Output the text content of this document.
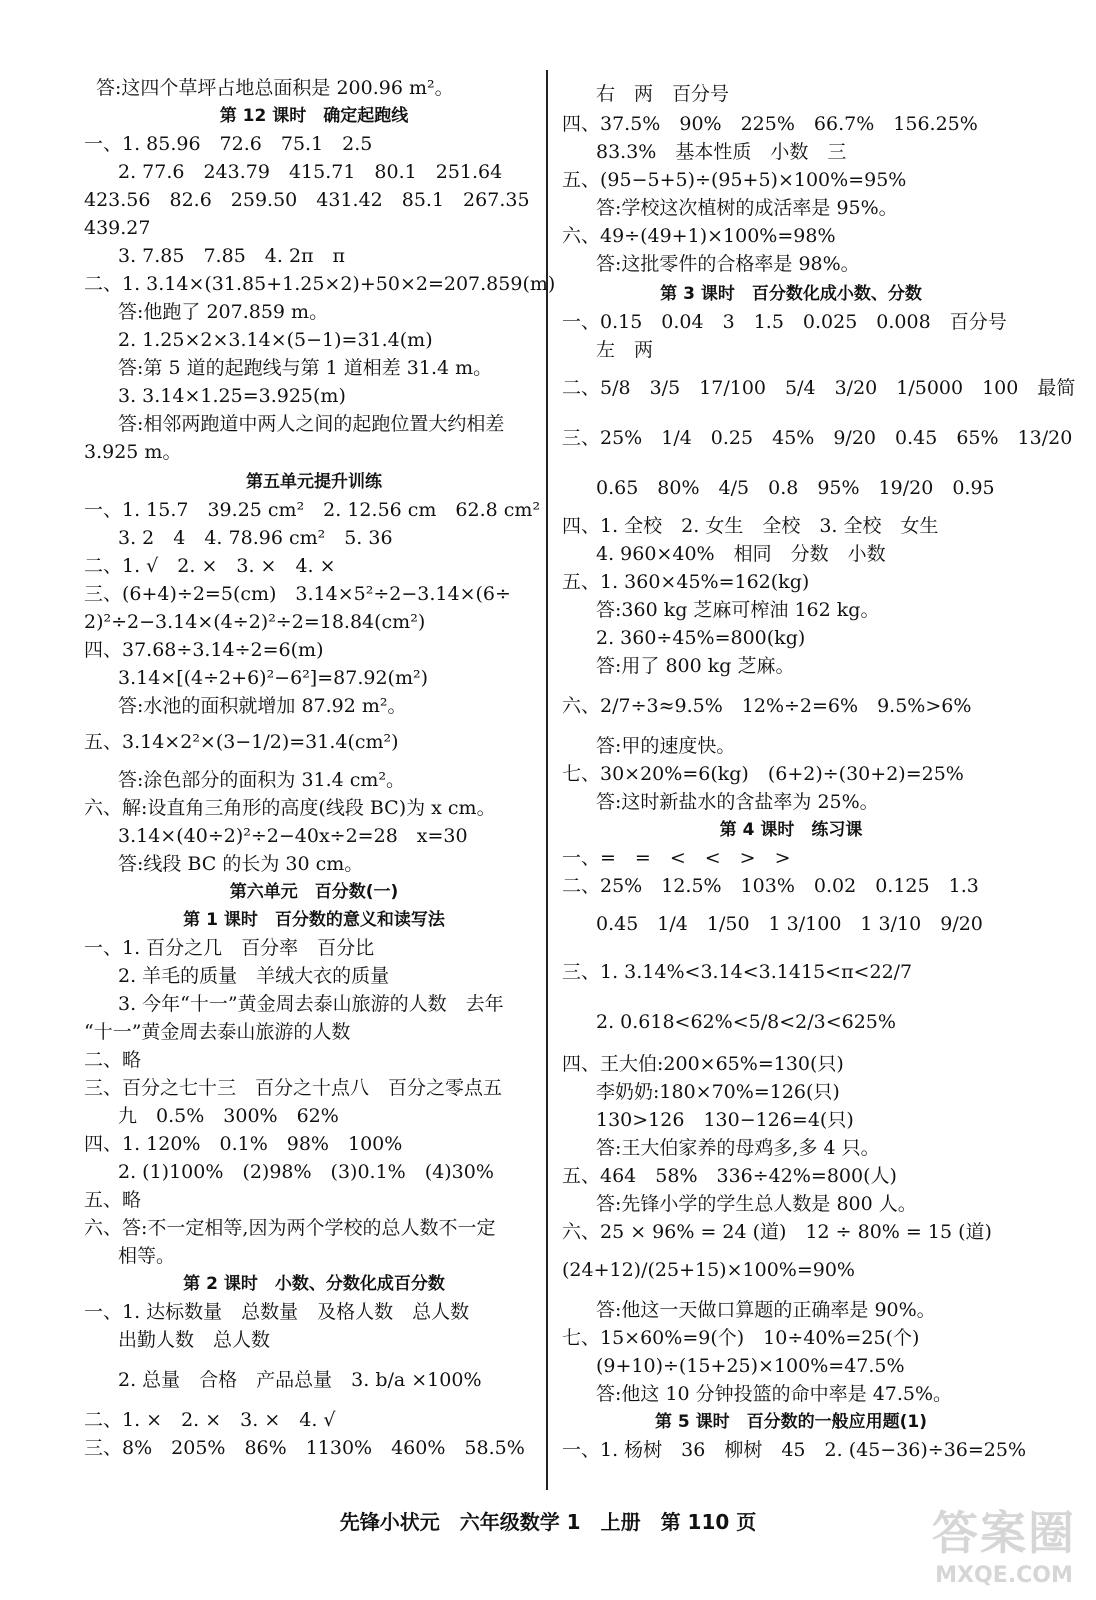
答:这四个草坪占地总面积是 200.96 m²。
第 12 课时　确定起跑线
一、1. 85.96　72.6　75.1　2.5
2. 77.6　243.79　415.71　80.1　251.64
423.56　82.6　259.50　431.42　85.1　267.35
439.27
3. 7.85　7.85　4. 2π　π
二、1. 3.14×(31.85+1.25×2)+50×2=207.859(m)
答:他跑了 207.859 m。
2. 1.25×2×3.14×(5−1)=31.4(m)
答:第 5 道的起跑线与第 1 道相差 31.4 m。
3. 3.14×1.25=3.925(m)
答:相邻两跑道中两人之间的起跑位置大约相差
3.925 m。
第五单元提升训练
一、1. 15.7　39.25 cm²　2. 12.56 cm　62.8 cm²
3. 2　4　4. 78.96 cm²　5. 36
二、1. √　2. ×　3. ×　4. ×
三、(6+4)÷2=5(cm)　3.14×5²÷2−3.14×(6÷
2)²÷2−3.14×(4÷2)²÷2=18.84(cm²)
四、37.68÷3.14÷2=6(m)
3.14×[(4÷2+6)²−6²]=87.92(m²)
答:水池的面积就增加 87.92 m²。
五、3.14×2²×(3−1/2)=31.4(cm²)
答:涂色部分的面积为 31.4 cm²。
六、解:设直角三角形的高度(线段 BC)为 x cm。
3.14×(40÷2)²÷2−40x÷2=28　x=30
答:线段 BC 的长为 30 cm。
第六单元　百分数(一)
第 1 课时　百分数的意义和读写法
一、1. 百分之几　百分率　百分比
2. 羊毛的质量　羊绒大衣的质量
3. 今年“十一”黄金周去泰山旅游的人数　去年
“十一”黄金周去泰山旅游的人数
二、略
三、百分之七十三　百分之十点八　百分之零点五
九　0.5%　300%　62%
四、1. 120%　0.1%　98%　100%
2. (1)100%　(2)98%　(3)0.1%　(4)30%
五、略
六、答:不一定相等,因为两个学校的总人数不一定
相等。
第 2 课时　小数、分数化成百分数
一、1. 达标数量　总数量　及格人数　总人数
出勤人数　总人数
2. 总量　合格　产品总量　3. b/a ×100%
二、1. ×　2. ×　3. ×　4. √
三、8%　205%　86%　1130%　460%　58.5%
右　两　百分号
四、37.5%　90%　225%　66.7%　156.25%
83.3%　基本性质　小数　三
五、(95−5+5)÷(95+5)×100%=95%
答:学校这次植树的成活率是 95%。
六、49÷(49+1)×100%=98%
答:这批零件的合格率是 98%。
第 3 课时　百分数化成小数、分数
一、0.15　0.04　3　1.5　0.025　0.008　百分号
左　两
二、5/8　3/5　17/100　5/4　3/20　1/5000　100　最简
三、25%　1/4　0.25　45%　9/20　0.45　65%　13/20
0.65　80%　4/5　0.8　95%　19/20　0.95
四、1. 全校　2. 女生　全校　3. 全校　女生
4. 960×40%　相同　分数　小数
五、1. 360×45%=162(kg)
答:360 kg 芝麻可榨油 162 kg。
2. 360÷45%=800(kg)
答:用了 800 kg 芝麻。
六、2/7÷3≈9.5%　12%÷2=6%　9.5%>6%
答:甲的速度快。
七、30×20%=6(kg)　(6+2)÷(30+2)=25%
答:这时新盐水的含盐率为 25%。
第 4 课时　练习课
一、=　=　<　<　>　>
二、25%　12.5%　103%　0.02　0.125　1.3
0.45　1/4　1/50　1 3/100　1 3/10　9/20
三、1. 3.14%<3.14<3.1415<π<22/7
2. 0.618<62%<5/8<2/3<625%
四、王大伯:200×65%=130(只)
李奶奶:180×70%=126(只)
130>126　130−126=4(只)
答:王大伯家养的母鸡多,多 4 只。
五、464　58%　336÷42%=800(人)
答:先锋小学的学生总人数是 800 人。
六、25 × 96% = 24 (道)　12 ÷ 80% = 15 (道)
(24+12)/(25+15)×100%=90%
答:他这一天做口算题的正确率是 90%。
七、15×60%=9(个)　10÷40%=25(个)
(9+10)÷(15+25)×100%=47.5%
答:他这 10 分钟投篮的命中率是 47.5%。
第 5 课时　百分数的一般应用题(1)
一、1. 杨树　36　柳树　45　2. (45−36)÷36=25%
先锋小状元　六年级数学 1　上册　第 110 页	答案圈
MXQE.COM
